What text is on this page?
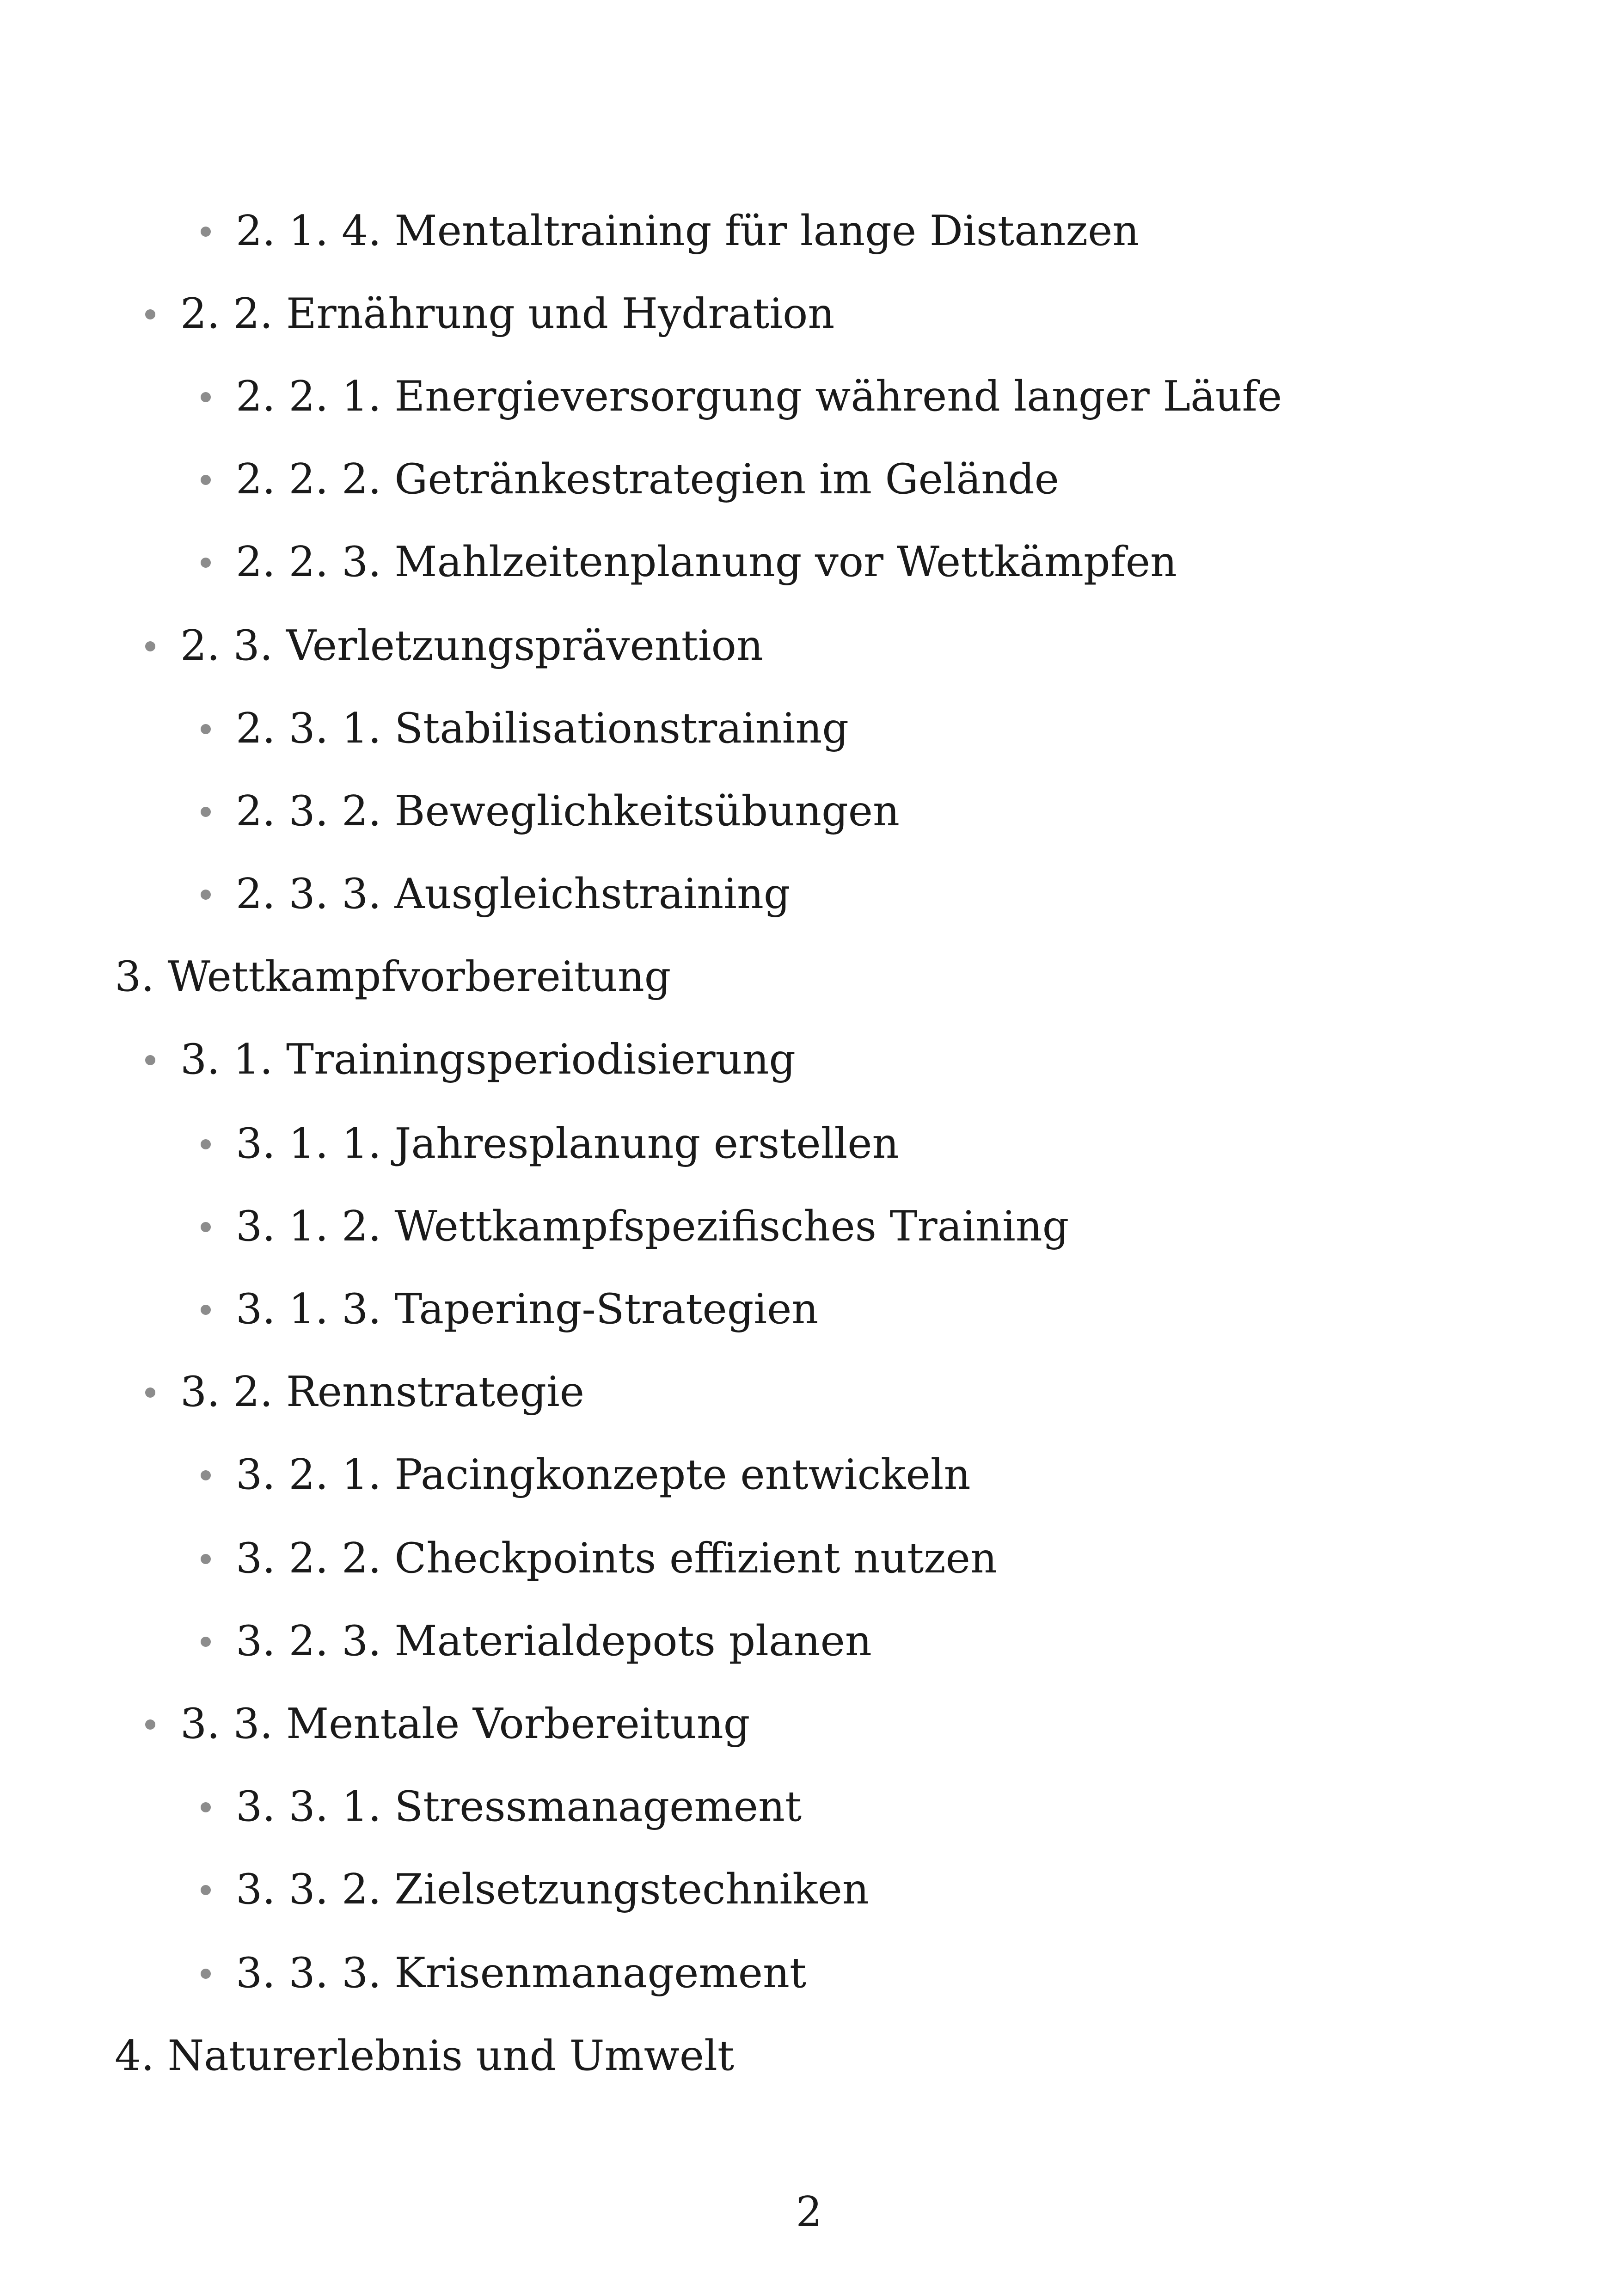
2. 1. 4. Mentaltraining für lange Distanzen
2. 2. Ernährung und Hydration
2. 2. 1. Energieversorgung während langer Läufe
2. 2. 2. Getränkestrategien im Gelände
2. 2. 3. Mahlzeitenplanung vor Wettkämpfen
2. 3. Verletzungsprävention
2. 3. 1. Stabilisationstraining
2. 3. 2. Beweglichkeitsübungen
2. 3. 3. Ausgleichstraining
3. Wettkampfvorbereitung
3. 1. Trainingsperiodisierung
3. 1. 1. Jahresplanung erstellen
3. 1. 2. Wettkampfspezifisches Training
3. 1. 3. Tapering-Strategien
3. 2. Rennstrategie
3. 2. 1. Pacingkonzepte entwickeln
3. 2. 2. Checkpoints effizient nutzen
3. 2. 3. Materialdepots planen
3. 3. Mentale Vorbereitung
3. 3. 1. Stressmanagement
3. 3. 2. Zielsetzungstechniken
3. 3. 3. Krisenmanagement
4. Naturerlebnis und Umwelt
2
